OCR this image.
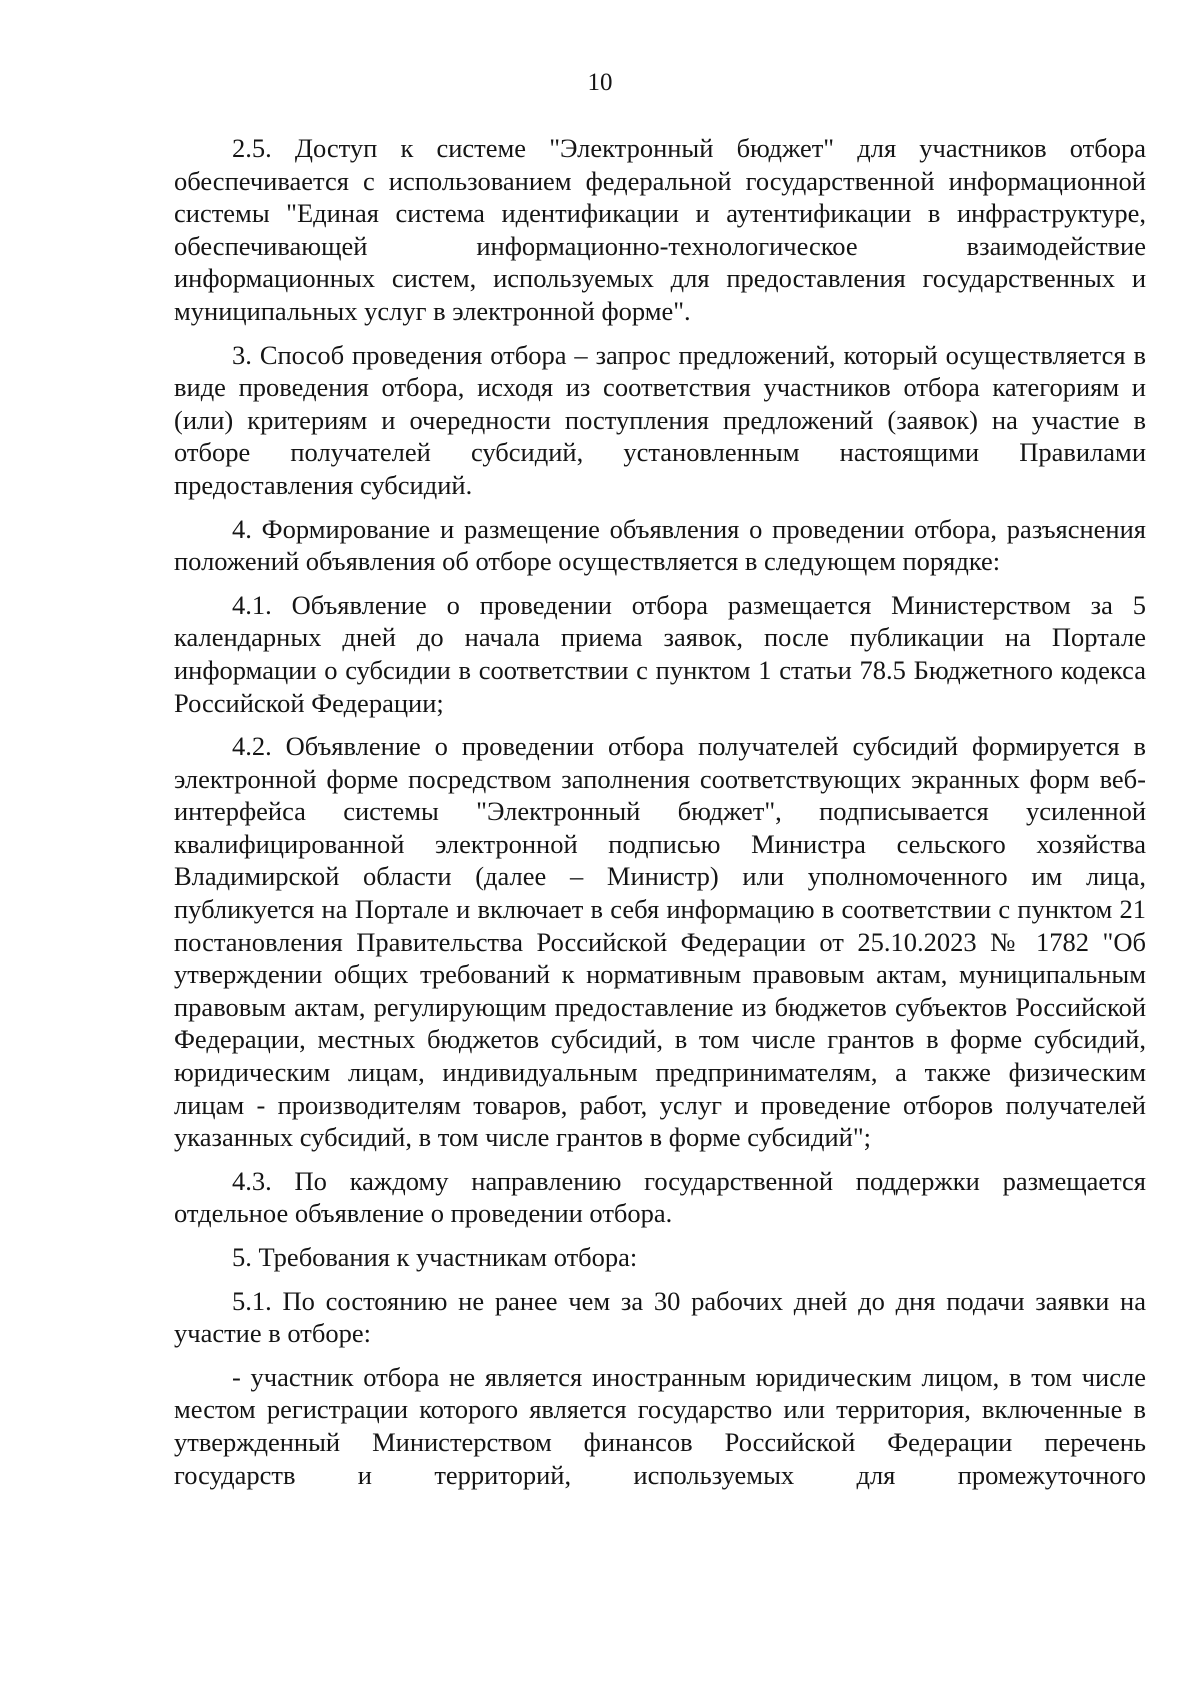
10

2.5. Доступ к системе "Электронный бюджет" для участников отбора обеспечивается с использованием федеральной государственной информационной системы "Единая система идентификации и аутентификации в инфраструктуре, обеспечивающей информационно-технологическое взаимодействие информационных систем, используемых для предоставления государственных и муниципальных услуг в электронной форме".

3. Способ проведения отбора – запрос предложений, который осуществляется в виде проведения отбора, исходя из соответствия участников отбора категориям и (или) критериям и очередности поступления предложений (заявок) на участие в отборе получателей субсидий, установленным настоящими Правилами предоставления субсидий.

4. Формирование и размещение объявления о проведении отбора, разъяснения положений объявления об отборе осуществляется в следующем порядке:

4.1. Объявление о проведении отбора размещается Министерством за 5 календарных дней до начала приема заявок, после публикации на Портале информации о субсидии в соответствии с пунктом 1 статьи 78.5 Бюджетного кодекса Российской Федерации;

4.2. Объявление о проведении отбора получателей субсидий формируется в электронной форме посредством заполнения соответствующих экранных форм веб-интерфейса системы "Электронный бюджет", подписывается усиленной квалифицированной электронной подписью Министра сельского хозяйства Владимирской области (далее – Министр) или уполномоченного им лица, публикуется на Портале и включает в себя информацию в соответствии с пунктом 21 постановления Правительства Российской Федерации от 25.10.2023 № 1782 "Об утверждении общих требований к нормативным правовым актам, муниципальным правовым актам, регулирующим предоставление из бюджетов субъектов Российской Федерации, местных бюджетов субсидий, в том числе грантов в форме субсидий, юридическим лицам, индивидуальным предпринимателям, а также физическим лицам - производителям товаров, работ, услуг и проведение отборов получателей указанных субсидий, в том числе грантов в форме субсидий";

4.3. По каждому направлению государственной поддержки размещается отдельное объявление о проведении отбора.

5. Требования к участникам отбора:

5.1. По состоянию не ранее чем за 30 рабочих дней до дня подачи заявки на участие в отборе:

- участник отбора не является иностранным юридическим лицом, в том числе местом регистрации которого является государство или территория, включенные в утвержденный Министерством финансов Российской Федерации перечень государств и территорий, используемых для промежуточного
